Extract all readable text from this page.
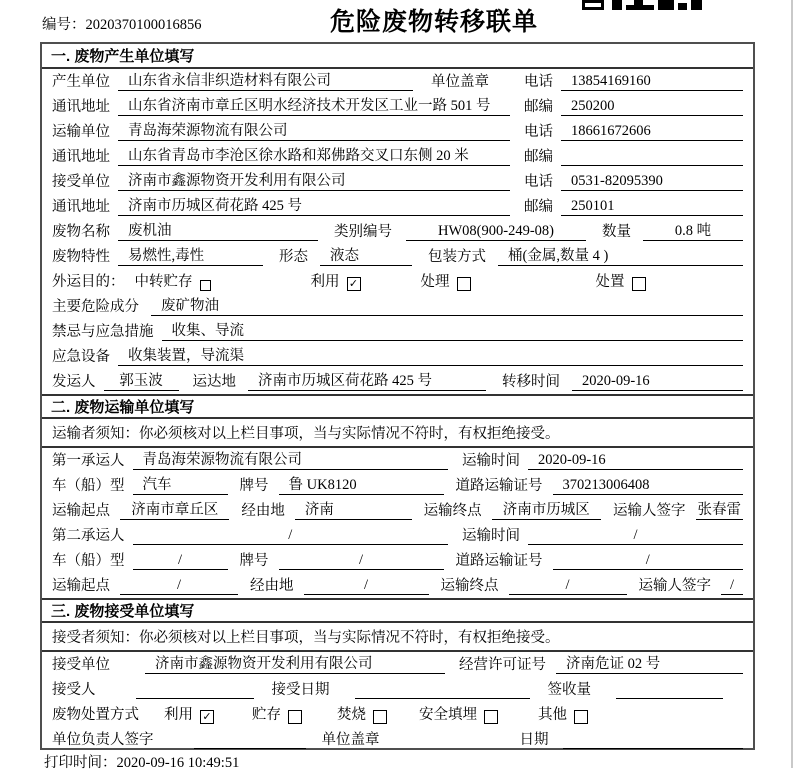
编号：2020370100016856	危险废物转移联单
一. 废物产生单位填写
产生单位	山东省永信非织造材料有限公司	单位盖章 电话	13854169160
通讯地址	山东省济南市章丘区明水经济技术开发区工业一路 501 号	邮编	250200
运输单位	青岛海荣源物流有限公司	电话	18661672606
通讯地址	山东省青岛市李沧区徐水路和郑佛路交叉口东侧 20 米	邮编
接受单位	济南市鑫源物资开发利用有限公司	电话	0531-82095390
通讯地址	济南市历城区荷花路 425 号	邮编	250101
废物名称	废机油	类别编号	HW08(900-249-08)	数量	0.8 吨
废物特性	易燃性,毒性	形态	液态	包装方式	桶(金属,数量 4 )
外运目的： 中转贮存	利用 ✓	处理	处置
主要危险成分	废矿物油
禁忌与应急措施	收集、导流
应急设备	收集装置，导流渠
发运人	郭玉波	运达地	济南市历城区荷花路 425 号	转移时间	2020-09-16
二. 废物运输单位填写
运输者须知：你必须核对以上栏目事项，当与实际情况不符时，有权拒绝接受。
第一承运人	青岛海荣源物流有限公司	运输时间	2020-09-16
车（船）型	汽车	牌号	鲁 UK8120	道路运输证号	370213006408
运输起点	济南市章丘区	经由地	济南	运输终点	济南市历城区	运输人签字 张春雷
第二承运人	/	运输时间	/
车（船）型	/	牌号	/	道路运输证号	/
运输起点	/	经由地	/	运输终点	/	运输人签字	/
三. 废物接受单位填写
接受者须知：你必须核对以上栏目事项，当与实际情况不符时，有权拒绝接受。
接受单位	济南市鑫源物资开发利用有限公司	经营许可证号	济南危证 02 号
接受人	接受日期	签收量
废物处置方式 利用 ✓	贮存	焚烧	安全填埋	其他
单位负责人签字	单位盖章	日期
打印时间：2020-09-16 10:49:51
